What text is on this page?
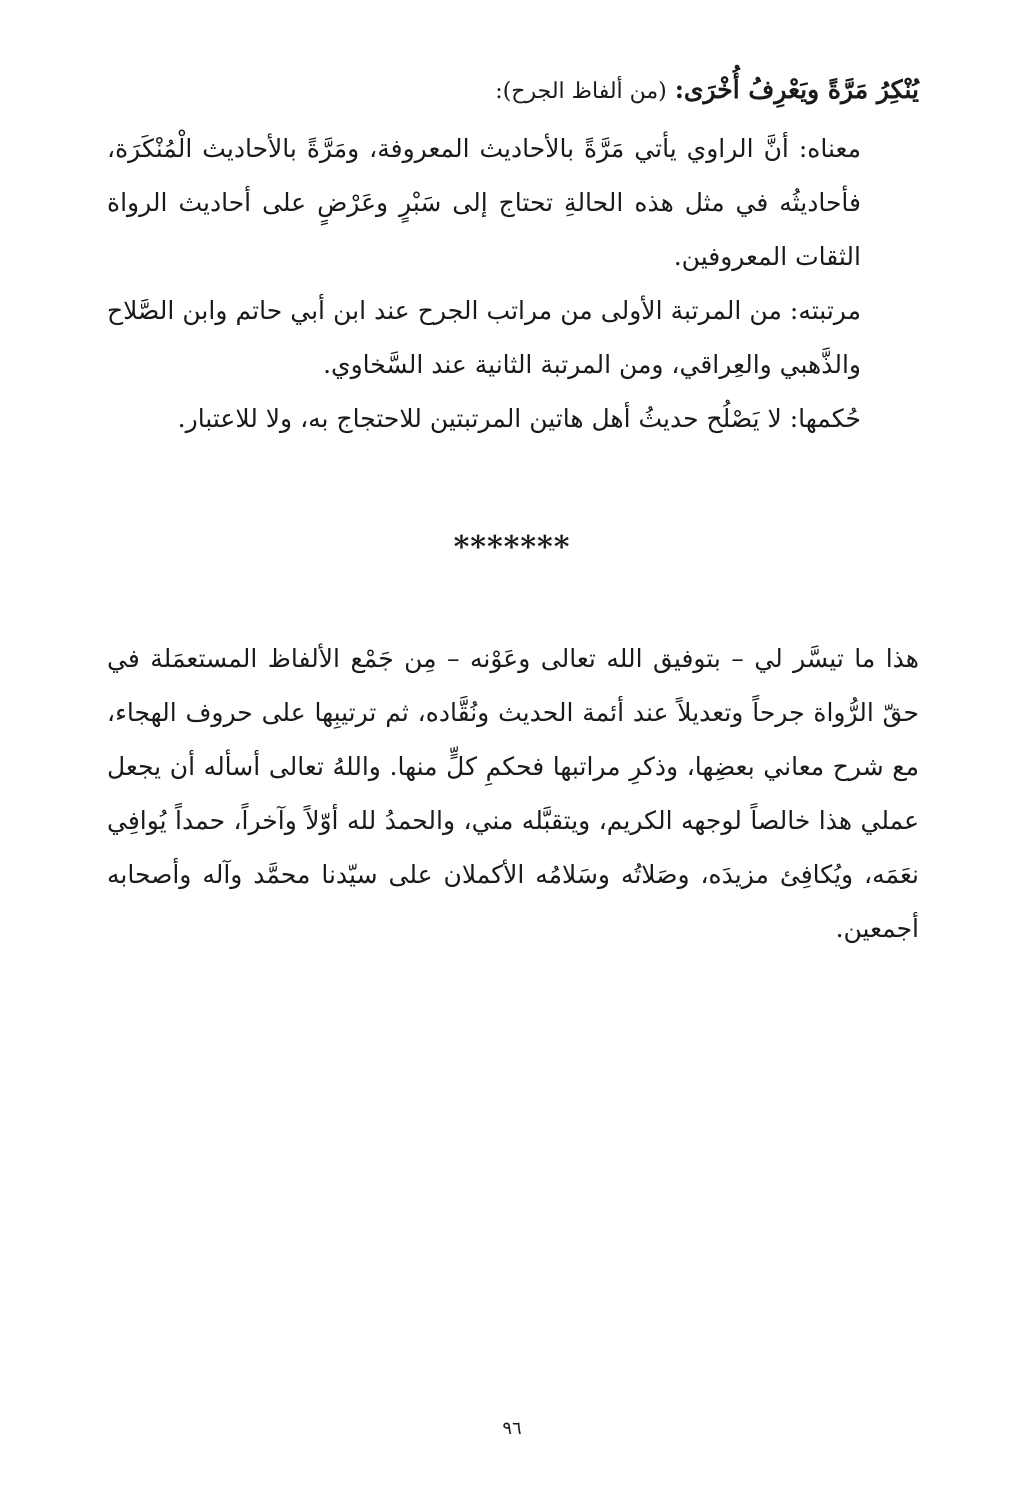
يُنْكِرُ مَرَّةً ويَعْرِفُ أُخْرَى: (من ألفاظ الجرح):

معناه: أنَّ الراوي يأتي مَرَّةً بالأحاديث المعروفة، ومَرَّةً بالأحاديث الْمُنْكَرَة، فأحاديثُه في مثل هذه الحالةِ تحتاج إلى سَبْرٍ وعَرْضٍ على أحاديث الرواة الثقات المعروفين.

مرتبته: من المرتبة الأولى من مراتب الجرح عند ابن أبي حاتم وابن الصَّلاح والذَّهبي والعِراقي، ومن المرتبة الثانية عند السَّخاوي.

حُكمها: لا يَصْلُح حديثُ أهل هاتين المرتبتين للاحتجاج به، ولا للاعتبار.

*******

هذا ما تيسَّر لي – بتوفيق الله تعالى وعَوْنه – مِن جَمْع الألفاظ المستعمَلة في حقّ الرُّواة جرحاً وتعديلاً عند أئمة الحديث ونُقَّاده، ثم ترتيبِها على حروف الهجاء، مع شرح معاني بعضِها، وذكرِ مراتبها فحكمِ كلٍّ منها. واللهُ تعالى أسأله أن يجعل عملي هذا خالصاً لوجهه الكريم، ويتقبَّله مني، والحمدُ لله أوّلاً وآخراً، حمداً يُوافِي نعَمَه، ويُكافِئ مزيدَه، وصَلاتُه وسَلامُه الأكملان على سيّدنا محمَّد وآله وأصحابه أجمعين.

٩٦
